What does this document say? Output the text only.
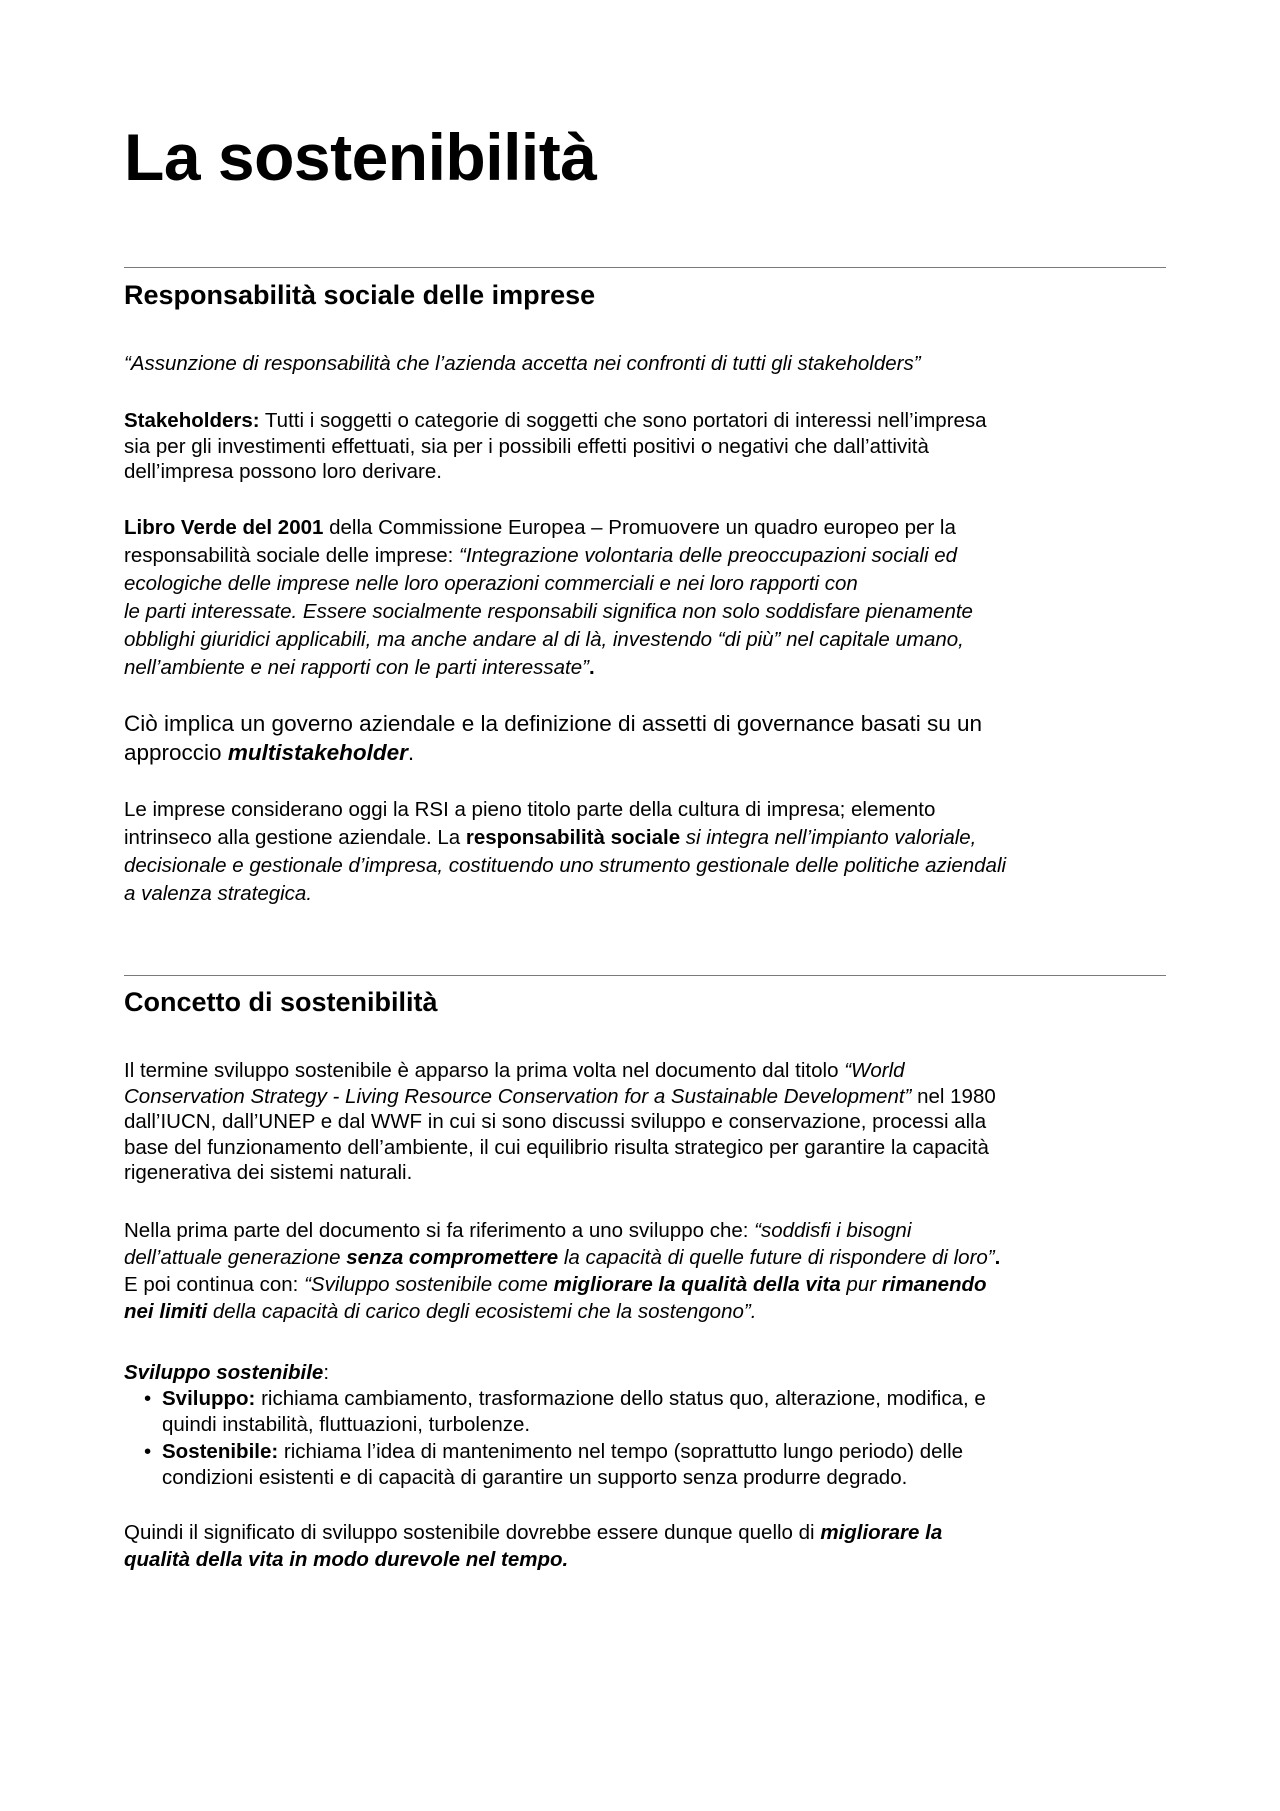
La sostenibilità
Responsabilità sociale delle imprese
“Assunzione di responsabilità che l’azienda accetta nei confronti di tutti gli stakeholders”
Stakeholders: Tutti i soggetti o categorie di soggetti che sono portatori di interessi nell’impresa
sia per gli investimenti effettuati, sia per i possibili effetti positivi o negativi che dall’attività
dell’impresa possono loro derivare.
Libro Verde del 2001 della Commissione Europea – Promuovere un quadro europeo per la
responsabilità sociale delle imprese: “Integrazione volontaria delle preoccupazioni sociali ed
ecologiche delle imprese nelle loro operazioni commerciali e nei loro rapporti con
le parti interessate. Essere socialmente responsabili significa non solo soddisfare pienamente
obblighi giuridici applicabili, ma anche andare al di là, investendo “di più” nel capitale umano,
nell’ambiente e nei rapporti con le parti interessate”.
Ciò implica un governo aziendale e la definizione di assetti di governance basati su un
approccio multistakeholder.
Le imprese considerano oggi la RSI a pieno titolo parte della cultura di impresa; elemento
intrinseco alla gestione aziendale. La responsabilità sociale si integra nell’impianto valoriale,
decisionale e gestionale d’impresa, costituendo uno strumento gestionale delle politiche aziendali
a valenza strategica.
Concetto di sostenibilità
Il termine sviluppo sostenibile è apparso la prima volta nel documento dal titolo “World
Conservation Strategy - Living Resource Conservation for a Sustainable Development” nel 1980
dall’IUCN, dall’UNEP e dal WWF in cui si sono discussi sviluppo e conservazione, processi alla
base del funzionamento dell’ambiente, il cui equilibrio risulta strategico per garantire la capacità
rigenerativa dei sistemi naturali.
Nella prima parte del documento si fa riferimento a uno sviluppo che: “soddisfi i bisogni
dell’attuale generazione senza compromettere la capacità di quelle future di rispondere di loro”.
E poi continua con: “Sviluppo sostenibile come migliorare la qualità della vita pur rimanendo
nei limiti della capacità di carico degli ecosistemi che la sostengono”.
Sviluppo sostenibile:
• Sviluppo: richiama cambiamento, trasformazione dello status quo, alterazione, modifica, e
quindi instabilità, fluttuazioni, turbolenze.
• Sostenibile: richiama l’idea di mantenimento nel tempo (soprattutto lungo periodo) delle
condizioni esistenti e di capacità di garantire un supporto senza produrre degrado.
Quindi il significato di sviluppo sostenibile dovrebbe essere dunque quello di migliorare la
qualità della vita in modo durevole nel tempo.
